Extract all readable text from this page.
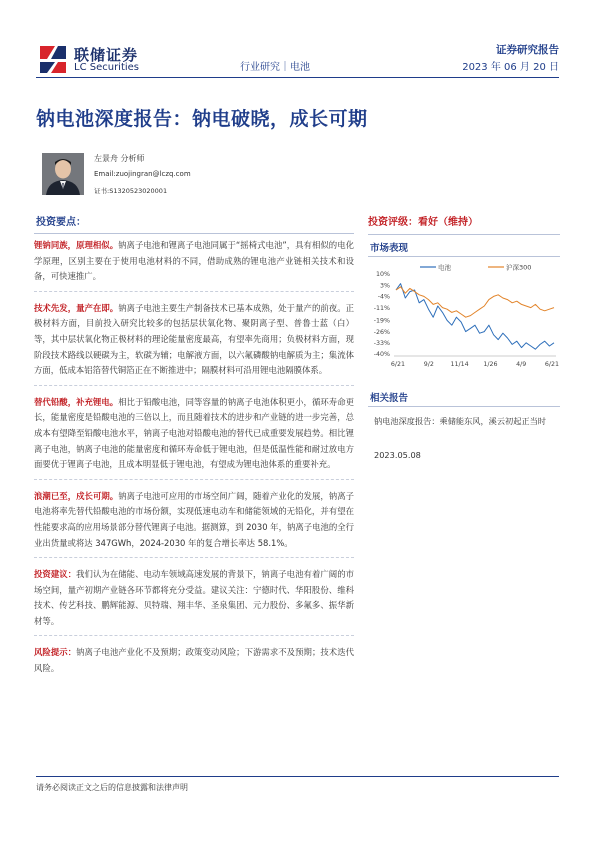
联储证券
LC Securities
证券研究报告
行业研究｜电池	2023 年 06 月 20 日
钠电池深度报告：钠电破晓，成长可期
左景舟 分析师
Email:zuojingran@lczq.com
证书:S1320523020001
投资要点：

锂钠同族，原理相似。钠离子电池和锂离子电池同属于“摇椅式电池”，具有相似的电化学原理，区别主要在于使用电池材料的不同，借助成熟的锂电池产业链相关技术和设备，可快速推广。

技术先发，量产在即。钠离子电池主要生产制备技术已基本成熟，处于量产的前夜。正极材料方面，目前投入研究比较多的包括层状氧化物、聚阴离子型、普鲁士蓝（白）等，其中层状氧化物正极材料的理论能量密度最高，有望率先商用；负极材料方面，现阶段技术路线以硬碳为主，软碳为辅；电解液方面，以六氟磷酸钠电解质为主；集流体方面，低成本铝箔替代铜箔正在不断推进中；隔膜材料可沿用锂电池隔膜体系。

替代铅酸，补充锂电。相比于铅酸电池，同等容量的钠离子电池体积更小，循环寿命更长，能量密度是铅酸电池的三倍以上，而且随着技术的进步和产业链的进一步完善，总成本有望降至铅酸电池水平，钠离子电池对铅酸电池的替代已成重要发展趋势。相比锂离子电池，钠离子电池的能量密度和循环寿命低于锂电池，但是低温性能和耐过放电方面要优于锂离子电池，且成本明显低于锂电池，有望成为锂电池体系的重要补充。

浪潮已至，戍长可期。钠离子电池可应用的市场空间广阔，随着产业化的发展，钠离子电池将率先替代铅酸电池的市场份额，实现低速电动车和储能领域的无铅化，并有望在性能要求高的应用场景部分替代锂离子电池。据测算，到 2030 年，钠离子电池的全行业出货量或将达 347GWh，2024-2030 年的复合增长率达 58.1%。

投资建议：我们认为在储能、电动车领域高速发展的背景下，钠离子电池有着广阔的市场空间，量产初期产业链各环节都将充分受益。建议关注：宁德时代、华阳股份、维科技术、传艺科技、鹏辉能源、贝特瑞、翔丰华、圣泉集团、元力股份、多氟多、振华新材等。

风险提示：钠离子电池产业化不及预期；政策变动风险；下游需求不及预期；技术迭代风险。

投资评级：看好（维持）
市场表现
电池	沪深300
10%
3%
-4%
-11%
-19%
-26%
-33%
-40%
6/21	9/2	11/14 1/26	4/9	6/21
相关报告
钠电池深度报告：乘储能东风，溪云初起正当时
2023.05.08
请务必阅读正文之后的信息披露和法律声明
